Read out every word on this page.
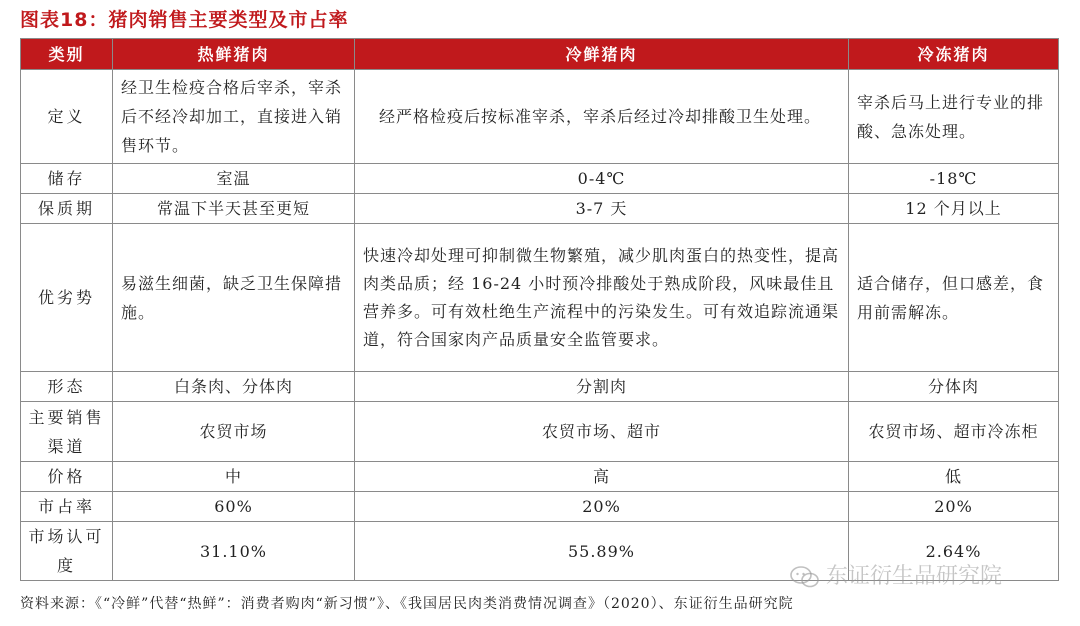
图表18：猪肉销售主要类型及市占率
类别	热鲜猪肉	冷鲜猪肉	冷冻猪肉
定义	经卫生检疫合格后宰杀，宰杀后不经冷却加工，直接进入销售环节。	经严格检疫后按标准宰杀，宰杀后经过冷却排酸卫生处理。	宰杀后马上进行专业的排酸、急冻处理。
储存	室温	0-4℃	-18℃
保质期	常温下半天甚至更短	3-7 天	12 个月以上
优劣势	易滋生细菌，缺乏卫生保障措施。	快速冷却处理可抑制微生物繁殖，减少肌肉蛋白的热变性，提高肉类品质；经 16-24 小时预冷排酸处于熟成阶段，风味最佳且营养多。可有效杜绝生产流程中的污染发生。可有效追踪流通渠道，符合国家肉产品质量安全监管要求。	适合储存，但口感差，食用前需解冻。
形态	白条肉、分体肉	分割肉	分体肉
主要销售渠道	农贸市场	农贸市场、超市	农贸市场、超市冷冻柜
价格	中	高	低
市占率	60%	20%	20%
市场认可度	31.10%	55.89%	2.64%
东证衍生品研究院
资料来源：《“冷鲜”代替“热鲜”：消费者购肉“新习惯”》、《我国居民肉类消费情况调查》（2020）、东证衍生品研究院
